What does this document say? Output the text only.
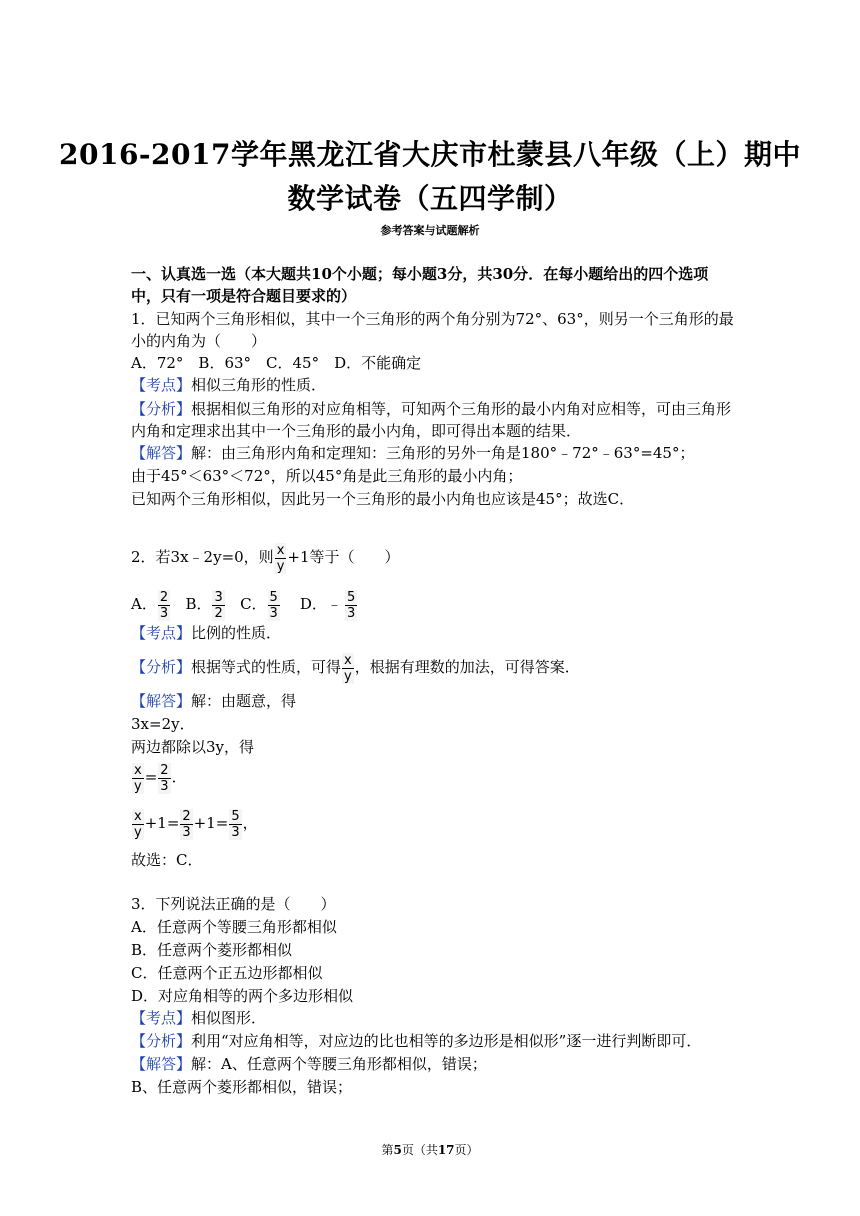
2016-2017学年黑龙江省大庆市杜蒙县八年级（上）期中
数学试卷（五四学制）
参考答案与试题解析
一、认真选一选（本大题共10个小题；每小题3分，共30分．在每小题给出的四个选项
中，只有一项是符合题目要求的）
1．已知两个三角形相似，其中一个三角形的两个角分别为72°、63°，则另一个三角形的最
小的内角为（　　）
A．72°　B．63°　C．45°　D．不能确定
【考点】相似三角形的性质．
【分析】根据相似三角形的对应角相等，可知两个三角形的最小内角对应相等，可由三角形
内角和定理求出其中一个三角形的最小内角，即可得出本题的结果．
【解答】解：由三角形内角和定理知：三角形的另外一角是180°﹣72°﹣63°=45°；
由于45°＜63°＜72°，所以45°角是此三角形的最小内角；
已知两个三角形相似，因此另一个三角形的最小内角也应该是45°；故选C．
2．若3x﹣2y=0，则 $\frac{x}{y} +1$等于（　　）
A． $\frac{2}{3}$ B． $\frac{3}{2}$ C． $\frac{5}{3}$ D．﹣ $\frac{5}{3}$
【考点】比例的性质．
【分析】根据等式的性质，可得 $\frac{x}{y}$ ，根据有理数的加法，可得答案．
【解答】解：由题意，得
3x=2y．
两边都除以3y，得
$\frac{x}{y} = \frac{2}{3}$ ．
$\frac{x}{y} +1= \frac{2}{3} +1= \frac{5}{3}$ ，
故选：C．
3．下列说法正确的是（　　）
A．任意两个等腰三角形都相似
B．任意两个菱形都相似
C．任意两个正五边形都相似
D．对应角相等的两个多边形相似
【考点】相似图形．
【分析】利用“对应角相等，对应边的比也相等的多边形是相似形”逐一进行判断即可．
【解答】解：A、任意两个等腰三角形都相似，错误；
B、任意两个菱形都相似，错误；
第5页（共17页）
